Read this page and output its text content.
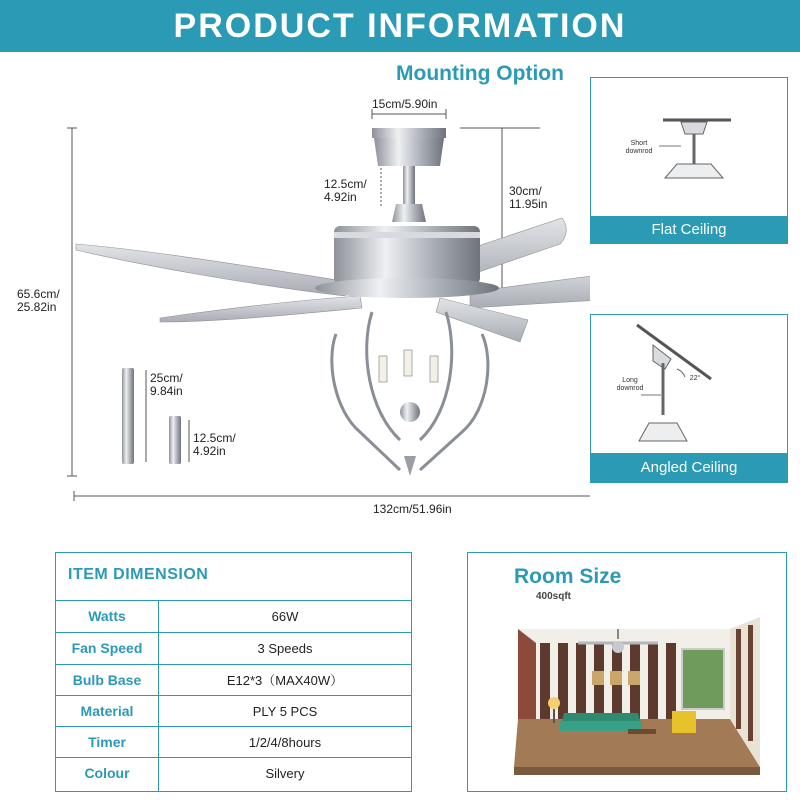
PRODUCT INFORMATION
Mounting Option
15cm/5.90in
12.5cm/ 4.92in	30cm/ 11.95in
65.6cm/ 25.82in
25cm/ 9.84in
12.5cm/ 4.92in
132cm/51.96in
Short downrod
Flat Ceiling
Long downrod
22°
Angled Ceiling
ITEM DIMENSION
Watts	66W
Fan Speed	3 Speeds
Bulb Base	E12*3（MAX40W）
Material	PLY 5 PCS
Timer	1/2/4/8hours
Colour	Silvery
Room Size
400sqft
